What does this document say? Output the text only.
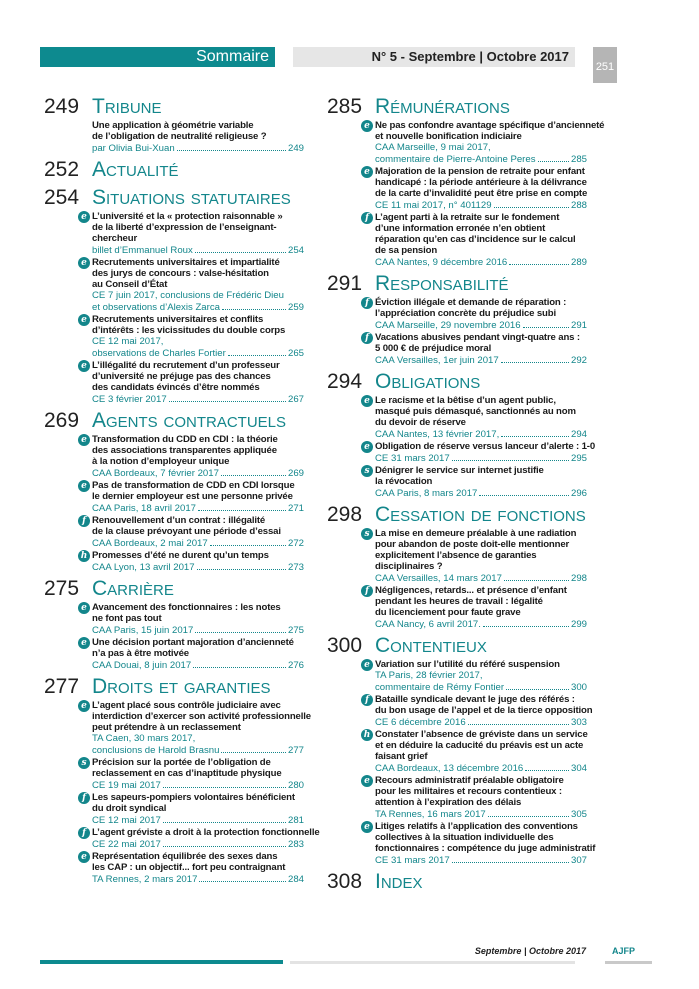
Sommaire	N° 5 - Septembre | Octobre 2017
251
249 Tribune
Une application à géométrie variable
de l’obligation de neutralité religieuse ?
par Olivia Bui-Xuan	249
252 Actualité
254 Situations statutaires
e L’université et la « protection raisonnable »
de la liberté d’expression de l’enseignant-
chercheur
billet d’Emmanuel Roux	254
e Recrutements universitaires et impartialité
des jurys de concours : valse-hésitation
au Conseil d’État
CE 7 juin 2017, conclusions de Frédéric Dieu
et observations d’Alexis Zarca	259
e Recrutements universitaires et conflits
d’intérêts : les vicissitudes du double corps
CE 12 mai 2017,
observations de Charles Fortier	265
e L’illégalité du recrutement d’un professeur
d’université ne préjuge pas des chances
des candidats évincés d’être nommés
CE 3 février 2017	267
269 Agents contractuels
e Transformation du CDD en CDI : la théorie
des associations transparentes appliquée
à la notion d’employeur unique
CAA Bordeaux, 7 février 2017	269
e Pas de transformation de CDD en CDI lorsque
le dernier employeur est une personne privée
CAA Paris, 18 avril 2017	271
f Renouvellement d’un contrat : illégalité
de la clause prévoyant une période d’essai
CAA Bordeaux, 2 mai 2017	272
h Promesses d’été ne durent qu’un temps
CAA Lyon, 13 avril 2017	273
275 Carrière
e Avancement des fonctionnaires : les notes
ne font pas tout
CAA Paris, 15 juin 2017	275
e Une décision portant majoration d’ancienneté
n’a pas à être motivée
CAA Douai, 8 juin 2017	276
277 Droits et garanties
e L’agent placé sous contrôle judiciaire avec
interdiction d’exercer son activité professionnelle
peut prétendre à un reclassement
TA Caen, 30 mars 2017,
conclusions de Harold Brasnu	277
s Précision sur la portée de l’obligation de
reclassement en cas d’inaptitude physique
CE 19 mai 2017	280
f Les sapeurs-pompiers volontaires bénéficient
du droit syndical
CE 12 mai 2017	281
f L’agent gréviste a droit à la protection fonctionnelle
CE 22 mai 2017	283
e Représentation équilibrée des sexes dans
les CAP : un objectif... fort peu contraignant
TA Rennes, 2 mars 2017	284
285 Rémunérations
e Ne pas confondre avantage spécifique d’ancienneté
et nouvelle bonification indiciaire
CAA Marseille, 9 mai 2017,
commentaire de Pierre-Antoine Peres	285
e Majoration de la pension de retraite pour enfant
handicapé : la période antérieure à la délivrance
de la carte d’invalidité peut être prise en compte
CE 11 mai 2017, n° 401129	288
f L’agent parti à la retraite sur le fondement
d’une information erronée n’en obtient
réparation qu’en cas d’incidence sur le calcul
de sa pension
CAA Nantes, 9 décembre 2016	289
291 Responsabilité
f Éviction illégale et demande de réparation :
l’appréciation concrète du préjudice subi
CAA Marseille, 29 novembre 2016	291
f Vacations abusives pendant vingt-quatre ans :
5 000 € de préjudice moral
CAA Versailles, 1er juin 2017	292
294 Obligations
e Le racisme et la bêtise d’un agent public,
masqué puis démasqué, sanctionnés au nom
du devoir de réserve
CAA Nantes, 13 février 2017,	294
e Obligation de réserve versus lanceur d’alerte : 1-0
CE 31 mars 2017	295
s Dénigrer le service sur internet justifie
la révocation
CAA Paris, 8 mars 2017	296
298 Cessation de fonctions
s La mise en demeure préalable à une radiation
pour abandon de poste doit-elle mentionner
explicitement l’absence de garanties
disciplinaires ?
CAA Versailles, 14 mars 2017	298
f Négligences, retards... et présence d’enfant
pendant les heures de travail : légalité
du licenciement pour faute grave
CAA Nancy, 6 avril 2017.	299
300 Contentieux
e Variation sur l’utilité du référé suspension
TA Paris, 28 février 2017,
commentaire de Rémy Fontier	300
f Bataille syndicale devant le juge des référés :
du bon usage de l’appel et de la tierce opposition
CE 6 décembre 2016	303
h Constater l’absence de gréviste dans un service
et en déduire la caducité du préavis est un acte
faisant grief
CAA Bordeaux, 13 décembre 2016	304
e Recours administratif préalable obligatoire
pour les militaires et recours contentieux :
attention à l’expiration des délais
TA Rennes, 16 mars 2017	305
e Litiges relatifs à l’application des conventions
collectives à la situation individuelle des
fonctionnaires : compétence du juge administratif
CE 31 mars 2017	307
308 Index
Septembre | Octobre 2017	AJFP
